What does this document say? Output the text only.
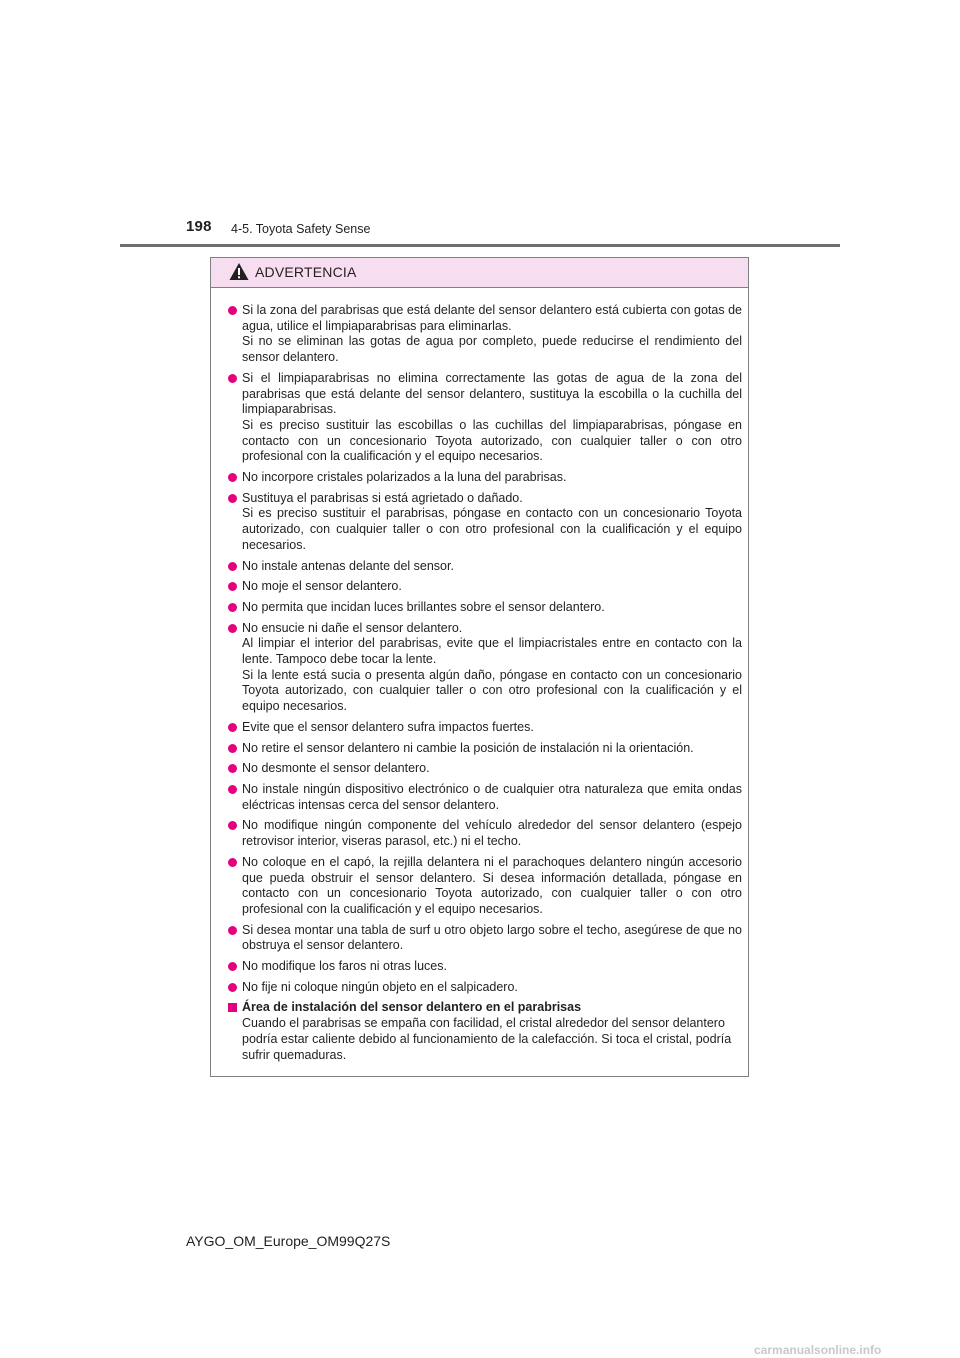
198 4-5. Toyota Safety Sense
ADVERTENCIA

Si la zona del parabrisas que está delante del sensor delantero está cubierta con gotas de agua, utilice el limpiaparabrisas para eliminarlas.

Si no se eliminan las gotas de agua por completo, puede reducirse el rendimiento del sensor delantero.

Si el limpiaparabrisas no elimina correctamente las gotas de agua de la zona del parabrisas que está delante del sensor delantero, sustituya la escobilla o la cuchilla del limpiaparabrisas.

Si es preciso sustituir las escobillas o las cuchillas del limpiaparabrisas, póngase en contacto con un concesionario Toyota autorizado, con cualquier taller o con otro profesional con la cualificación y el equipo necesarios.

No incorpore cristales polarizados a la luna del parabrisas.

Sustituya el parabrisas si está agrietado o dañado.

Si es preciso sustituir el parabrisas, póngase en contacto con un concesionario Toyota autorizado, con cualquier taller o con otro profesional con la cualificación y el equipo necesarios.

No instale antenas delante del sensor.

No moje el sensor delantero.

No permita que incidan luces brillantes sobre el sensor delantero.

No ensucie ni dañe el sensor delantero.

Al limpiar el interior del parabrisas, evite que el limpiacristales entre en contacto con la lente. Tampoco debe tocar la lente.

Si la lente está sucia o presenta algún daño, póngase en contacto con un concesionario Toyota autorizado, con cualquier taller o con otro profesional con la cualificación y el equipo necesarios.

Evite que el sensor delantero sufra impactos fuertes.

No retire el sensor delantero ni cambie la posición de instalación ni la orientación.

No desmonte el sensor delantero.

No instale ningún dispositivo electrónico o de cualquier otra naturaleza que emita ondas eléctricas intensas cerca del sensor delantero.

No modifique ningún componente del vehículo alrededor del sensor delantero (espejo retrovisor interior, viseras parasol, etc.) ni el techo.

No coloque en el capó, la rejilla delantera ni el parachoques delantero ningún accesorio que pueda obstruir el sensor delantero. Si desea información detallada, póngase en contacto con un concesionario Toyota autorizado, con cualquier taller o con otro profesional con la cualificación y el equipo necesarios.

Si desea montar una tabla de surf u otro objeto largo sobre el techo, asegúrese de que no obstruya el sensor delantero.

No modifique los faros ni otras luces.

No fije ni coloque ningún objeto en el salpicadero.

Área de instalación del sensor delantero en el parabrisas

Cuando el parabrisas se empaña con facilidad, el cristal alrededor del sensor delantero podría estar caliente debido al funcionamiento de la calefacción. Si toca el cristal, podría sufrir quemaduras.

AYGO_OM_Europe_OM99Q27S
carmanualsonline.info
